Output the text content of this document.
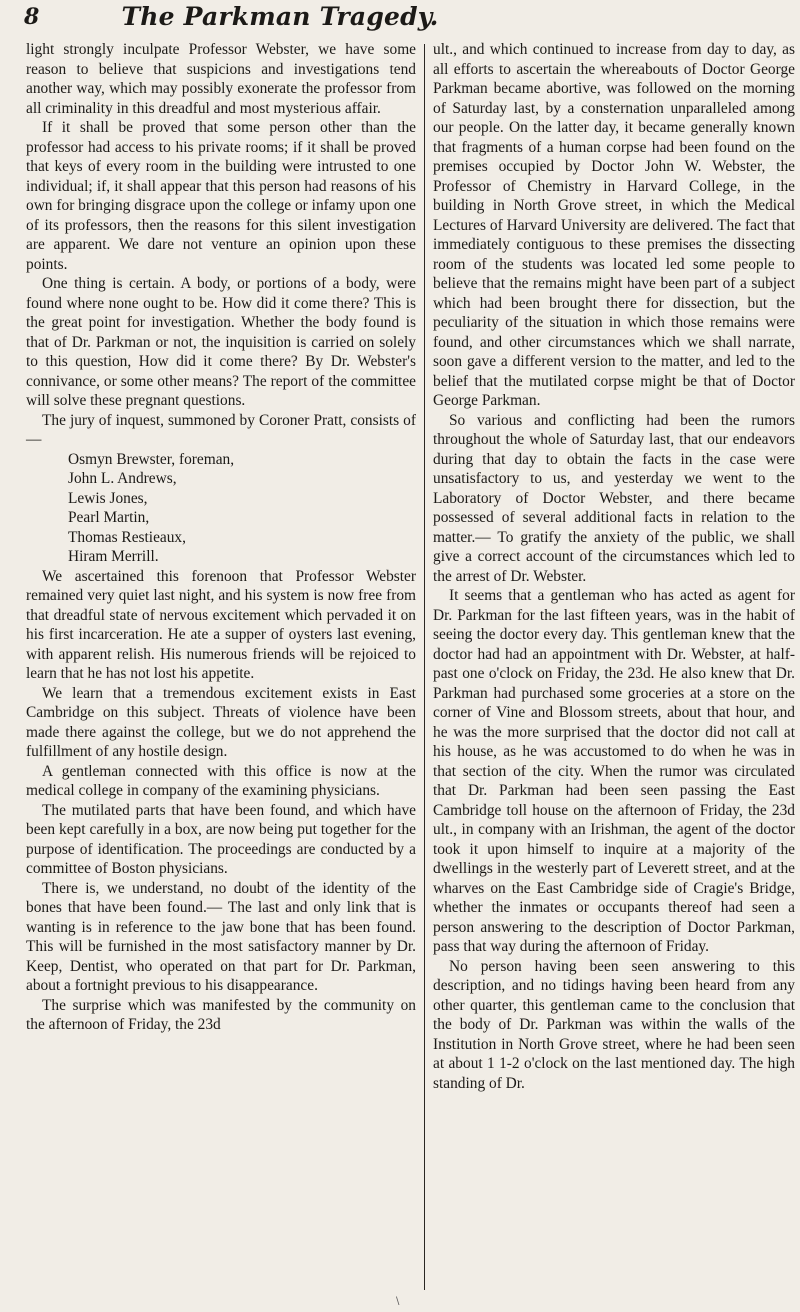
8	The Parkman Tragedy.

light strongly inculpate Professor Webster, we have some reason to believe that suspicions and investigations tend another way, which may possibly exonerate the professor from all criminality in this dreadful and most mysterious affair.

If it shall be proved that some person other than the professor had access to his private rooms; if it shall be proved that keys of every room in the building were intrusted to one individual; if, it shall appear that this person had reasons of his own for bringing disgrace upon the college or infamy upon one of its professors, then the reasons for this silent investigation are apparent. We dare not venture an opinion upon these points.

One thing is certain. A body, or portions of a body, were found where none ought to be. How did it come there? This is the great point for investigation. Whether the body found is that of Dr. Parkman or not, the inquisition is carried on solely to this question, How did it come there? By Dr. Webster's connivance, or some other means? The report of the committee will solve these pregnant questions.

The jury of inquest, summoned by Coroner Pratt, consists of—

Osmyn Brewster, foreman,
John L. Andrews,
Lewis Jones,
Pearl Martin,
Thomas Restieaux,
Hiram Merrill.

We ascertained this forenoon that Professor Webster remained very quiet last night, and his system is now free from that dreadful state of nervous excitement which pervaded it on his first incarceration. He ate a supper of oysters last evening, with apparent relish. His numerous friends will be rejoiced to learn that he has not lost his appetite.

We learn that a tremendous excitement exists in East Cambridge on this subject. Threats of violence have been made there against the college, but we do not apprehend the fulfillment of any hostile design.

A gentleman connected with this office is now at the medical college in company of the examining physicians.

The mutilated parts that have been found, and which have been kept carefully in a box, are now being put together for the purpose of identification. The proceedings are conducted by a committee of Boston physicians.

There is, we understand, no doubt of the identity of the bones that have been found.— The last and only link that is wanting is in reference to the jaw bone that has been found. This will be furnished in the most satisfactory manner by Dr. Keep, Dentist, who operated on that part for Dr. Parkman, about a fortnight previous to his disappearance.

The surprise which was manifested by the community on the afternoon of Friday, the 23d

ult., and which continued to increase from day to day, as all efforts to ascertain the whereabouts of Doctor George Parkman became abortive, was followed on the morning of Saturday last, by a consternation unparalleled among our people. On the latter day, it became generally known that fragments of a human corpse had been found on the premises occupied by Doctor John W. Webster, the Professor of Chemistry in Harvard College, in the building in North Grove street, in which the Medical Lectures of Harvard University are delivered. The fact that immediately contiguous to these premises the dissecting room of the students was located led some people to believe that the remains might have been part of a subject which had been brought there for dissection, but the peculiarity of the situation in which those remains were found, and other circumstances which we shall narrate, soon gave a different version to the matter, and led to the belief that the mutilated corpse might be that of Doctor George Parkman.

So various and conflicting had been the rumors throughout the whole of Saturday last, that our endeavors during that day to obtain the facts in the case were unsatisfactory to us, and yesterday we went to the Laboratory of Doctor Webster, and there became possessed of several additional facts in relation to the matter.— To gratify the anxiety of the public, we shall give a correct account of the circumstances which led to the arrest of Dr. Webster.

It seems that a gentleman who has acted as agent for Dr. Parkman for the last fifteen years, was in the habit of seeing the doctor every day. This gentleman knew that the doctor had had an appointment with Dr. Webster, at half-past one o'clock on Friday, the 23d. He also knew that Dr. Parkman had purchased some groceries at a store on the corner of Vine and Blossom streets, about that hour, and he was the more surprised that the doctor did not call at his house, as he was accustomed to do when he was in that section of the city. When the rumor was circulated that Dr. Parkman had been seen passing the East Cambridge toll house on the afternoon of Friday, the 23d ult., in company with an Irishman, the agent of the doctor took it upon himself to inquire at a majority of the dwellings in the westerly part of Leverett street, and at the wharves on the East Cambridge side of Cragie's Bridge, whether the inmates or occupants thereof had seen a person answering to the description of Doctor Parkman, pass that way during the afternoon of Friday.

No person having been seen answering to this description, and no tidings having been heard from any other quarter, this gentleman came to the conclusion that the body of Dr. Parkman was within the walls of the Institution in North Grove street, where he had been seen at about 1 1-2 o'clock on the last mentioned day. The high standing of Dr.

\
